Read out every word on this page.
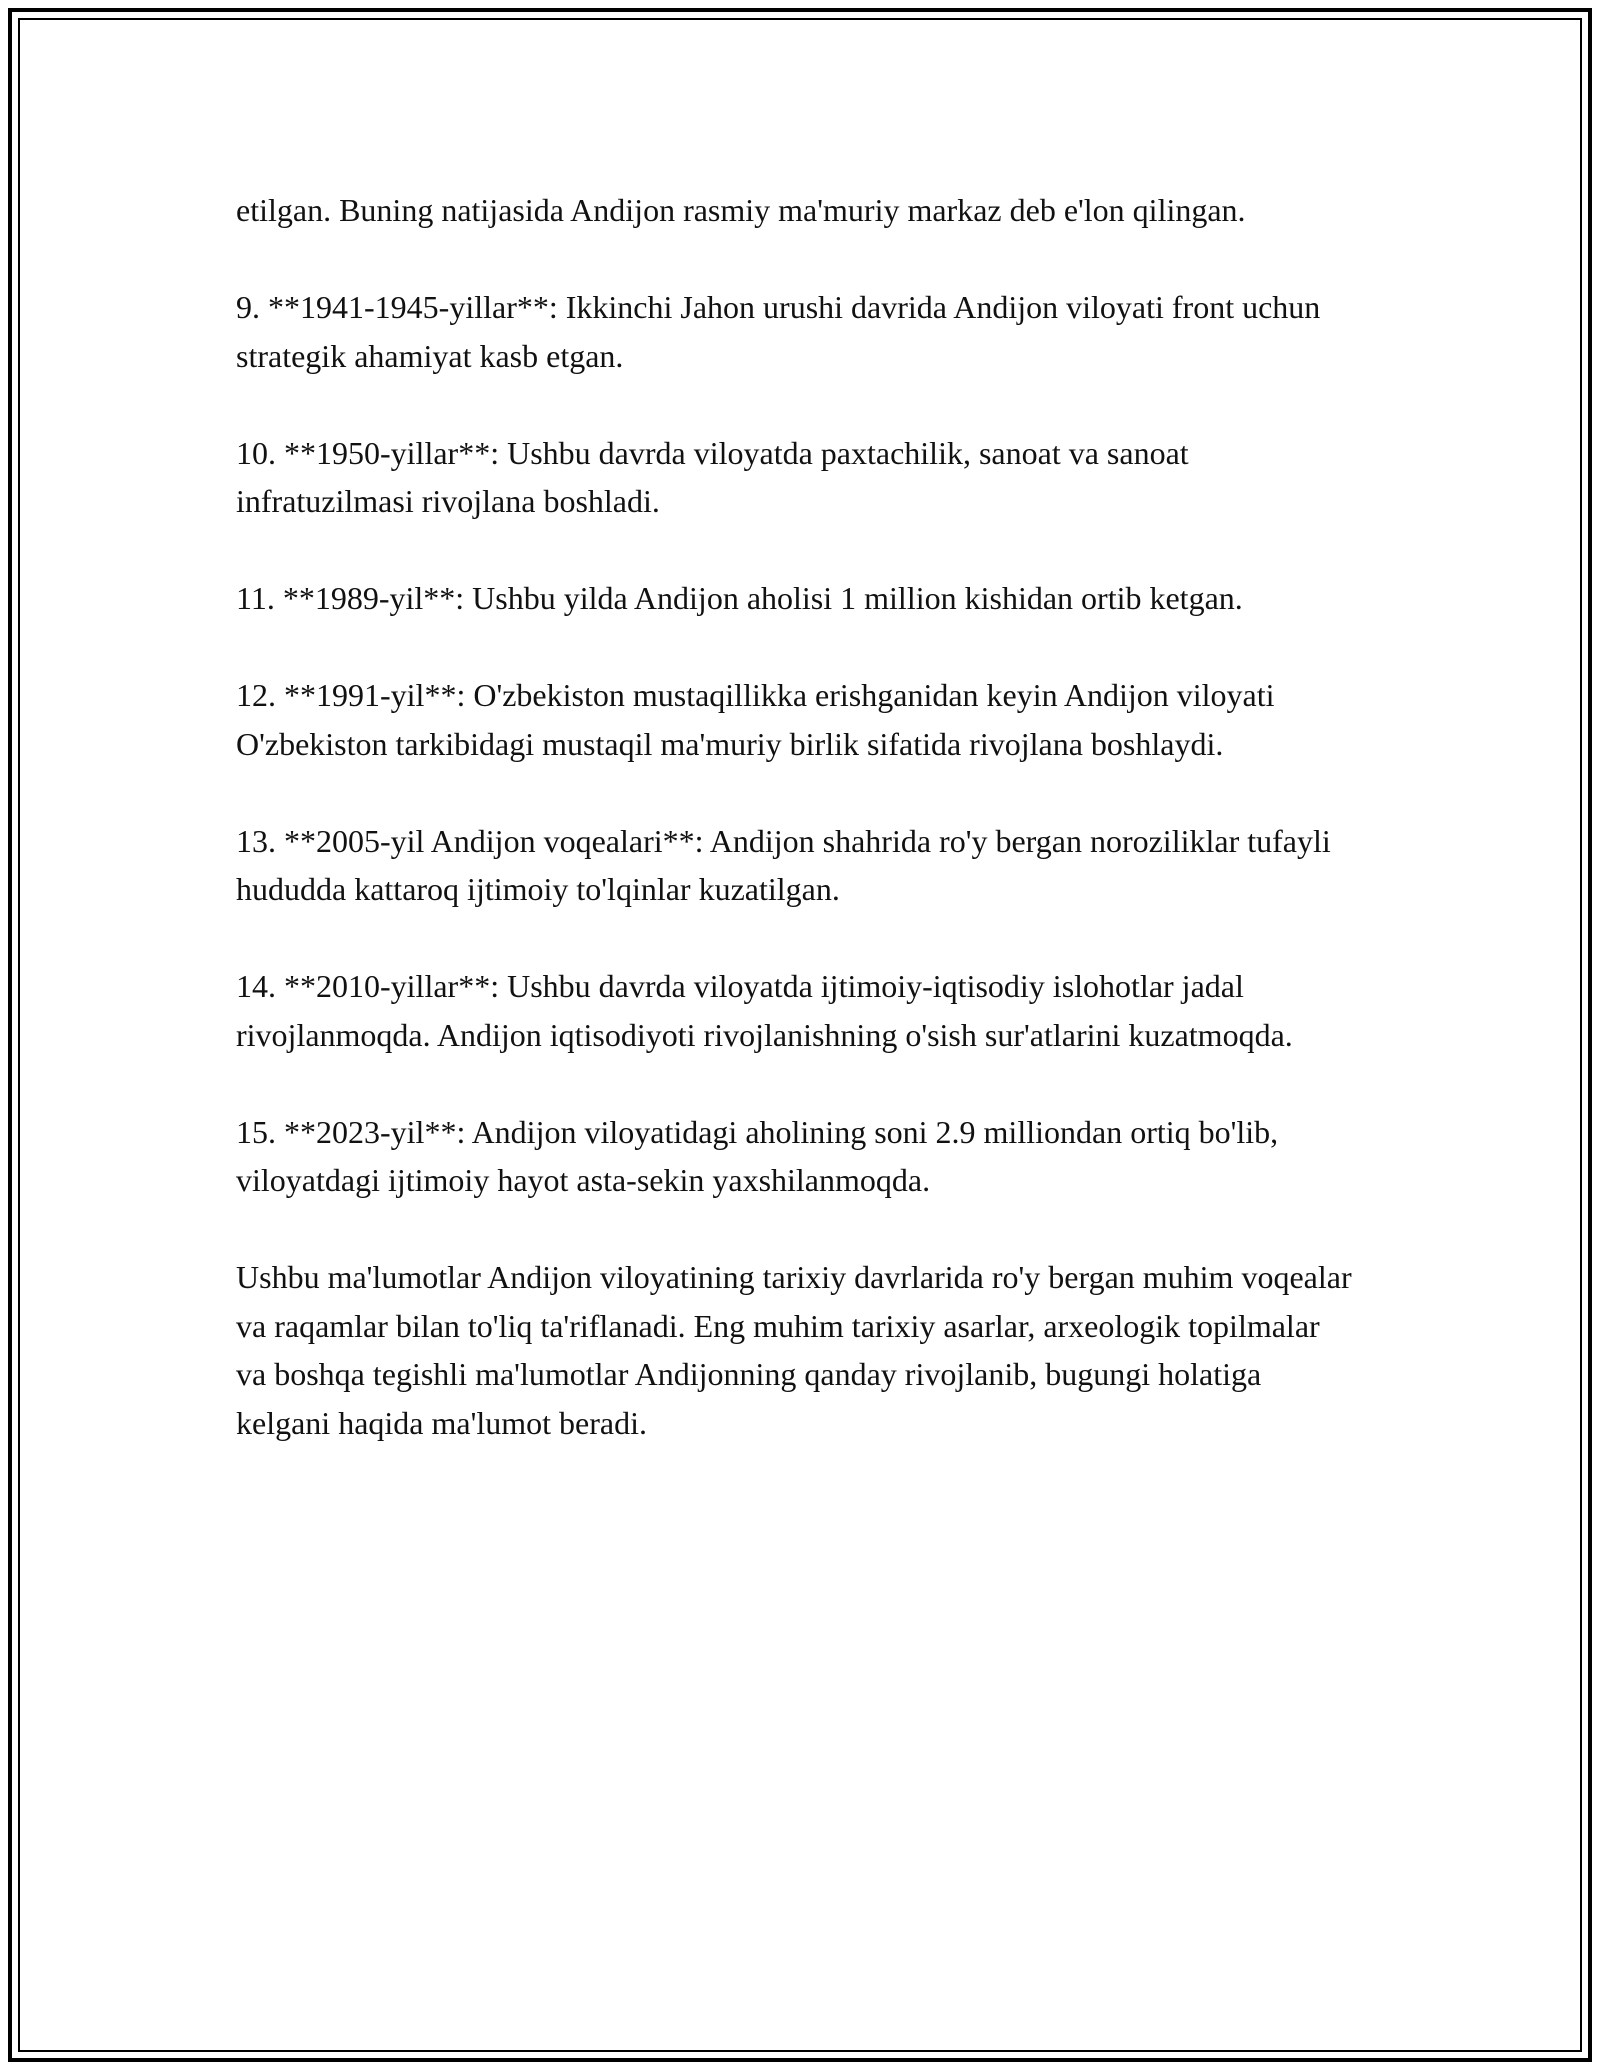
etilgan. Buning natijasida Andijon rasmiy ma'muriy markaz deb e'lon qilingan.

9. **1941-1945-yillar**: Ikkinchi Jahon urushi davrida Andijon viloyati front uchun strategik ahamiyat kasb etgan.

10. **1950-yillar**: Ushbu davrda viloyatda paxtachilik, sanoat va sanoat infratuzilmasi rivojlana boshladi.

11. **1989-yil**: Ushbu yilda Andijon aholisi 1 million kishidan ortib ketgan.

12. **1991-yil**: O'zbekiston mustaqillikka erishganidan keyin Andijon viloyati O'zbekiston tarkibidagi mustaqil ma'muriy birlik sifatida rivojlana boshlaydi.

13. **2005-yil Andijon voqealari**: Andijon shahrida ro'y bergan noroziliklar tufayli hududda kattaroq ijtimoiy to'lqinlar kuzatilgan.

14. **2010-yillar**: Ushbu davrda viloyatda ijtimoiy-iqtisodiy islohotlar jadal rivojlanmoqda. Andijon iqtisodiyoti rivojlanishning o'sish sur'atlarini kuzatmoqda.

15. **2023-yil**: Andijon viloyatidagi aholining soni 2.9 milliondan ortiq bo'lib, viloyatdagi ijtimoiy hayot asta-sekin yaxshilanmoqda.

Ushbu ma'lumotlar Andijon viloyatining tarixiy davrlarida ro'y bergan muhim voqealar va raqamlar bilan to'liq ta'riflanadi. Eng muhim tarixiy asarlar, arxeologik topilmalar va boshqa tegishli ma'lumotlar Andijonning qanday rivojlanib, bugungi holatiga kelgani haqida ma'lumot beradi.
